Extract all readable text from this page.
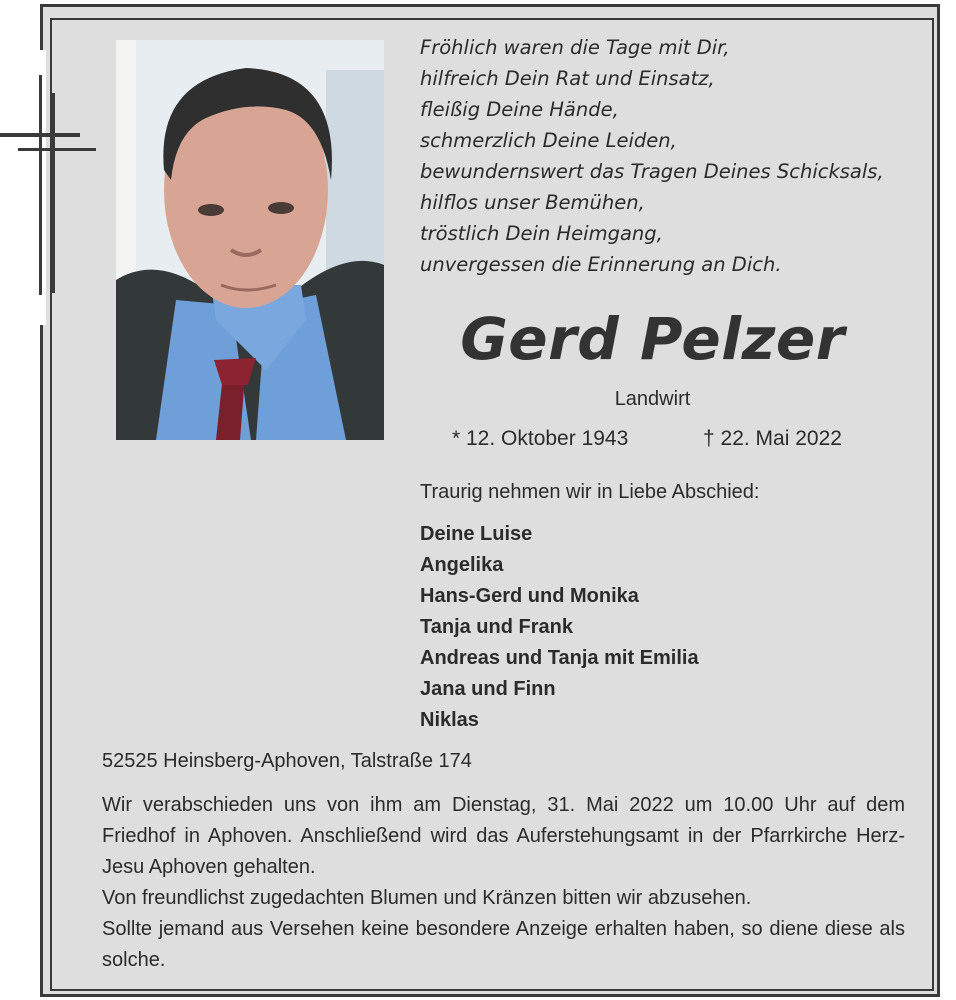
Fröhlich waren die Tage mit Dir,
hilfreich Dein Rat und Einsatz,
fleißig Deine Hände,
schmerzlich Deine Leiden,
bewundernswert das Tragen Deines Schicksals,
hilflos unser Bemühen,
tröstlich Dein Heimgang,
unvergessen die Erinnerung an Dich.
Gerd Pelzer
Landwirt
* 12. Oktober 1943	† 22. Mai 2022
Traurig nehmen wir in Liebe Abschied:
Deine Luise
Angelika
Hans-Gerd und Monika
Tanja und Frank
Andreas und Tanja mit Emilia
Jana und Finn
Niklas
52525 Heinsberg-Aphoven, Talstraße 174

Wir verabschieden uns von ihm am Dienstag, 31. Mai 2022 um 10.00 Uhr auf dem Friedhof in Aphoven. Anschließend wird das Auferstehungsamt in der Pfarrkirche Herz-Jesu Aphoven gehalten.

Von freundlichst zugedachten Blumen und Kränzen bitten wir abzusehen.

Sollte jemand aus Versehen keine besondere Anzeige erhalten haben, so diene diese als solche.
